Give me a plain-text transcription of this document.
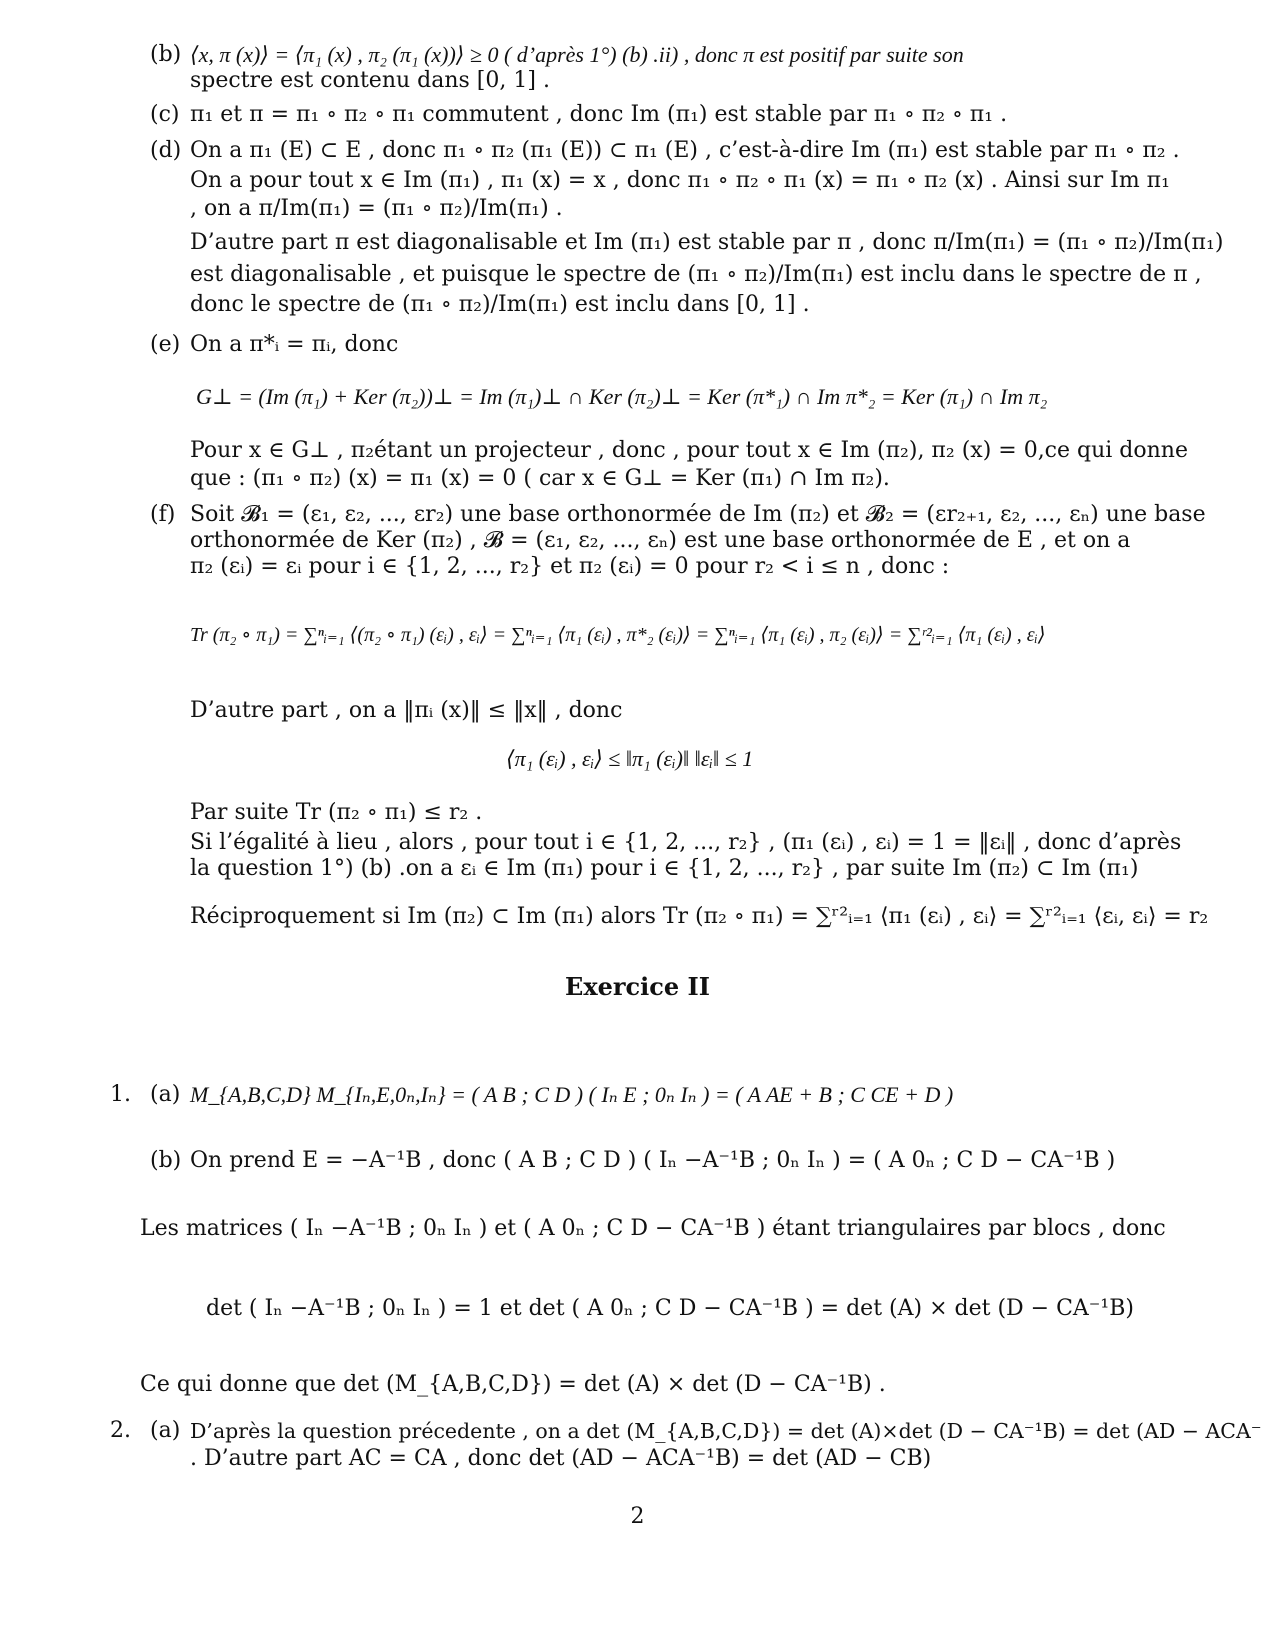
(b) ⟨x, π (x)⟩ = ⟨π₁ (x) , π₂ (π₁ (x))⟩ ≥ 0 ( d’après 1°) (b) .ii) , donc π est positif par suite son
spectre est contenu dans [0, 1] .
(c) π₁ et π = π₁ ∘ π₂ ∘ π₁ commutent , donc Im (π₁) est stable par π₁ ∘ π₂ ∘ π₁ .
(d) On a π₁ (E) ⊂ E , donc π₁ ∘ π₂ (π₁ (E)) ⊂ π₁ (E) , c’est-à-dire Im (π₁) est stable par π₁ ∘ π₂ .
On a pour tout x ∈ Im (π₁) , π₁ (x) = x , donc π₁ ∘ π₂ ∘ π₁ (x) = π₁ ∘ π₂ (x) . Ainsi sur Im π₁
, on a π/Im(π₁) = (π₁ ∘ π₂)/Im(π₁) .
D’autre part π est diagonalisable et Im (π₁) est stable par π , donc π/Im(π₁) = (π₁ ∘ π₂)/Im(π₁)
est diagonalisable , et puisque le spectre de (π₁ ∘ π₂)/Im(π₁) est inclu dans le spectre de π ,
donc le spectre de (π₁ ∘ π₂)/Im(π₁) est inclu dans [0, 1] .
(e) On a π*ᵢ = πᵢ, donc
G⊥ = (Im (π₁) + Ker (π₂))⊥ = Im (π₁)⊥ ∩ Ker (π₂)⊥ = Ker (π*₁) ∩ Im π*₂ = Ker (π₁) ∩ Im π₂
Pour x ∈ G⊥ , π₂étant un projecteur , donc , pour tout x ∈ Im (π₂), π₂ (x) = 0,ce qui donne
que : (π₁ ∘ π₂) (x) = π₁ (x) = 0 ( car x ∈ G⊥ = Ker (π₁) ∩ Im π₂).
(f) Soit 𝓑₁ = (ε₁, ε₂, ..., εr₂) une base orthonormée de Im (π₂) et 𝓑₂ = (εr₂₊₁, ε₂, ..., εₙ) une base
orthonormée de Ker (π₂) , 𝓑 = (ε₁, ε₂, ..., εₙ) est une base orthonormée de E , et on a
π₂ (εᵢ) = εᵢ pour i ∈ {1, 2, ..., r₂} et π₂ (εᵢ) = 0 pour r₂ < i ≤ n , donc :
Tr (π₂ ∘ π₁) = ∑ⁿᵢ₌₁ ⟨(π₂ ∘ π₁) (εᵢ) , εᵢ⟩ = ∑ⁿᵢ₌₁ ⟨π₁ (εᵢ) , π*₂ (εᵢ)⟩ = ∑ⁿᵢ₌₁ ⟨π₁ (εᵢ) , π₂ (εᵢ)⟩ = ∑ʳ²ᵢ₌₁ ⟨π₁ (εᵢ) , εᵢ⟩
D’autre part , on a ‖πᵢ (x)‖ ≤ ‖x‖ , donc
⟨π₁ (εᵢ) , εᵢ⟩ ≤ ‖π₁ (εᵢ)‖ ‖εᵢ‖ ≤ 1
Par suite Tr (π₂ ∘ π₁) ≤ r₂ .
Si l’égalité à lieu , alors , pour tout i ∈ {1, 2, ..., r₂} , (π₁ (εᵢ) , εᵢ) = 1 = ‖εᵢ‖ , donc d’après
la question 1°) (b) .on a εᵢ ∈ Im (π₁) pour i ∈ {1, 2, ..., r₂} , par suite Im (π₂) ⊂ Im (π₁)
Réciproquement si Im (π₂) ⊂ Im (π₁) alors Tr (π₂ ∘ π₁) = ∑ʳ²ᵢ₌₁ ⟨π₁ (εᵢ) , εᵢ⟩ = ∑ʳ²ᵢ₌₁ ⟨εᵢ, εᵢ⟩ = r₂
Exercice II
1. (a) M_{A,B,C,D} M_{Iₙ,E,0ₙ,Iₙ} = ( A B ; C D ) ( Iₙ E ; 0ₙ Iₙ ) = ( A AE + B ; C CE + D )
(b) On prend E = −A⁻¹B , donc ( A B ; C D ) ( Iₙ −A⁻¹B ; 0ₙ Iₙ ) = ( A 0ₙ ; C D − CA⁻¹B )
Les matrices ( Iₙ −A⁻¹B ; 0ₙ Iₙ ) et ( A 0ₙ ; C D − CA⁻¹B ) étant triangulaires par blocs , donc
det ( Iₙ −A⁻¹B ; 0ₙ Iₙ ) = 1 et det ( A 0ₙ ; C D − CA⁻¹B ) = det (A) × det (D − CA⁻¹B)
Ce qui donne que det (M_{A,B,C,D}) = det (A) × det (D − CA⁻¹B) .
2. (a) D’après la question précedente , on a det (M_{A,B,C,D}) = det (A)×det (D − CA⁻¹B) = det (AD − ACA⁻
. D’autre part AC = CA , donc det (AD − ACA⁻¹B) = det (AD − CB)
2
